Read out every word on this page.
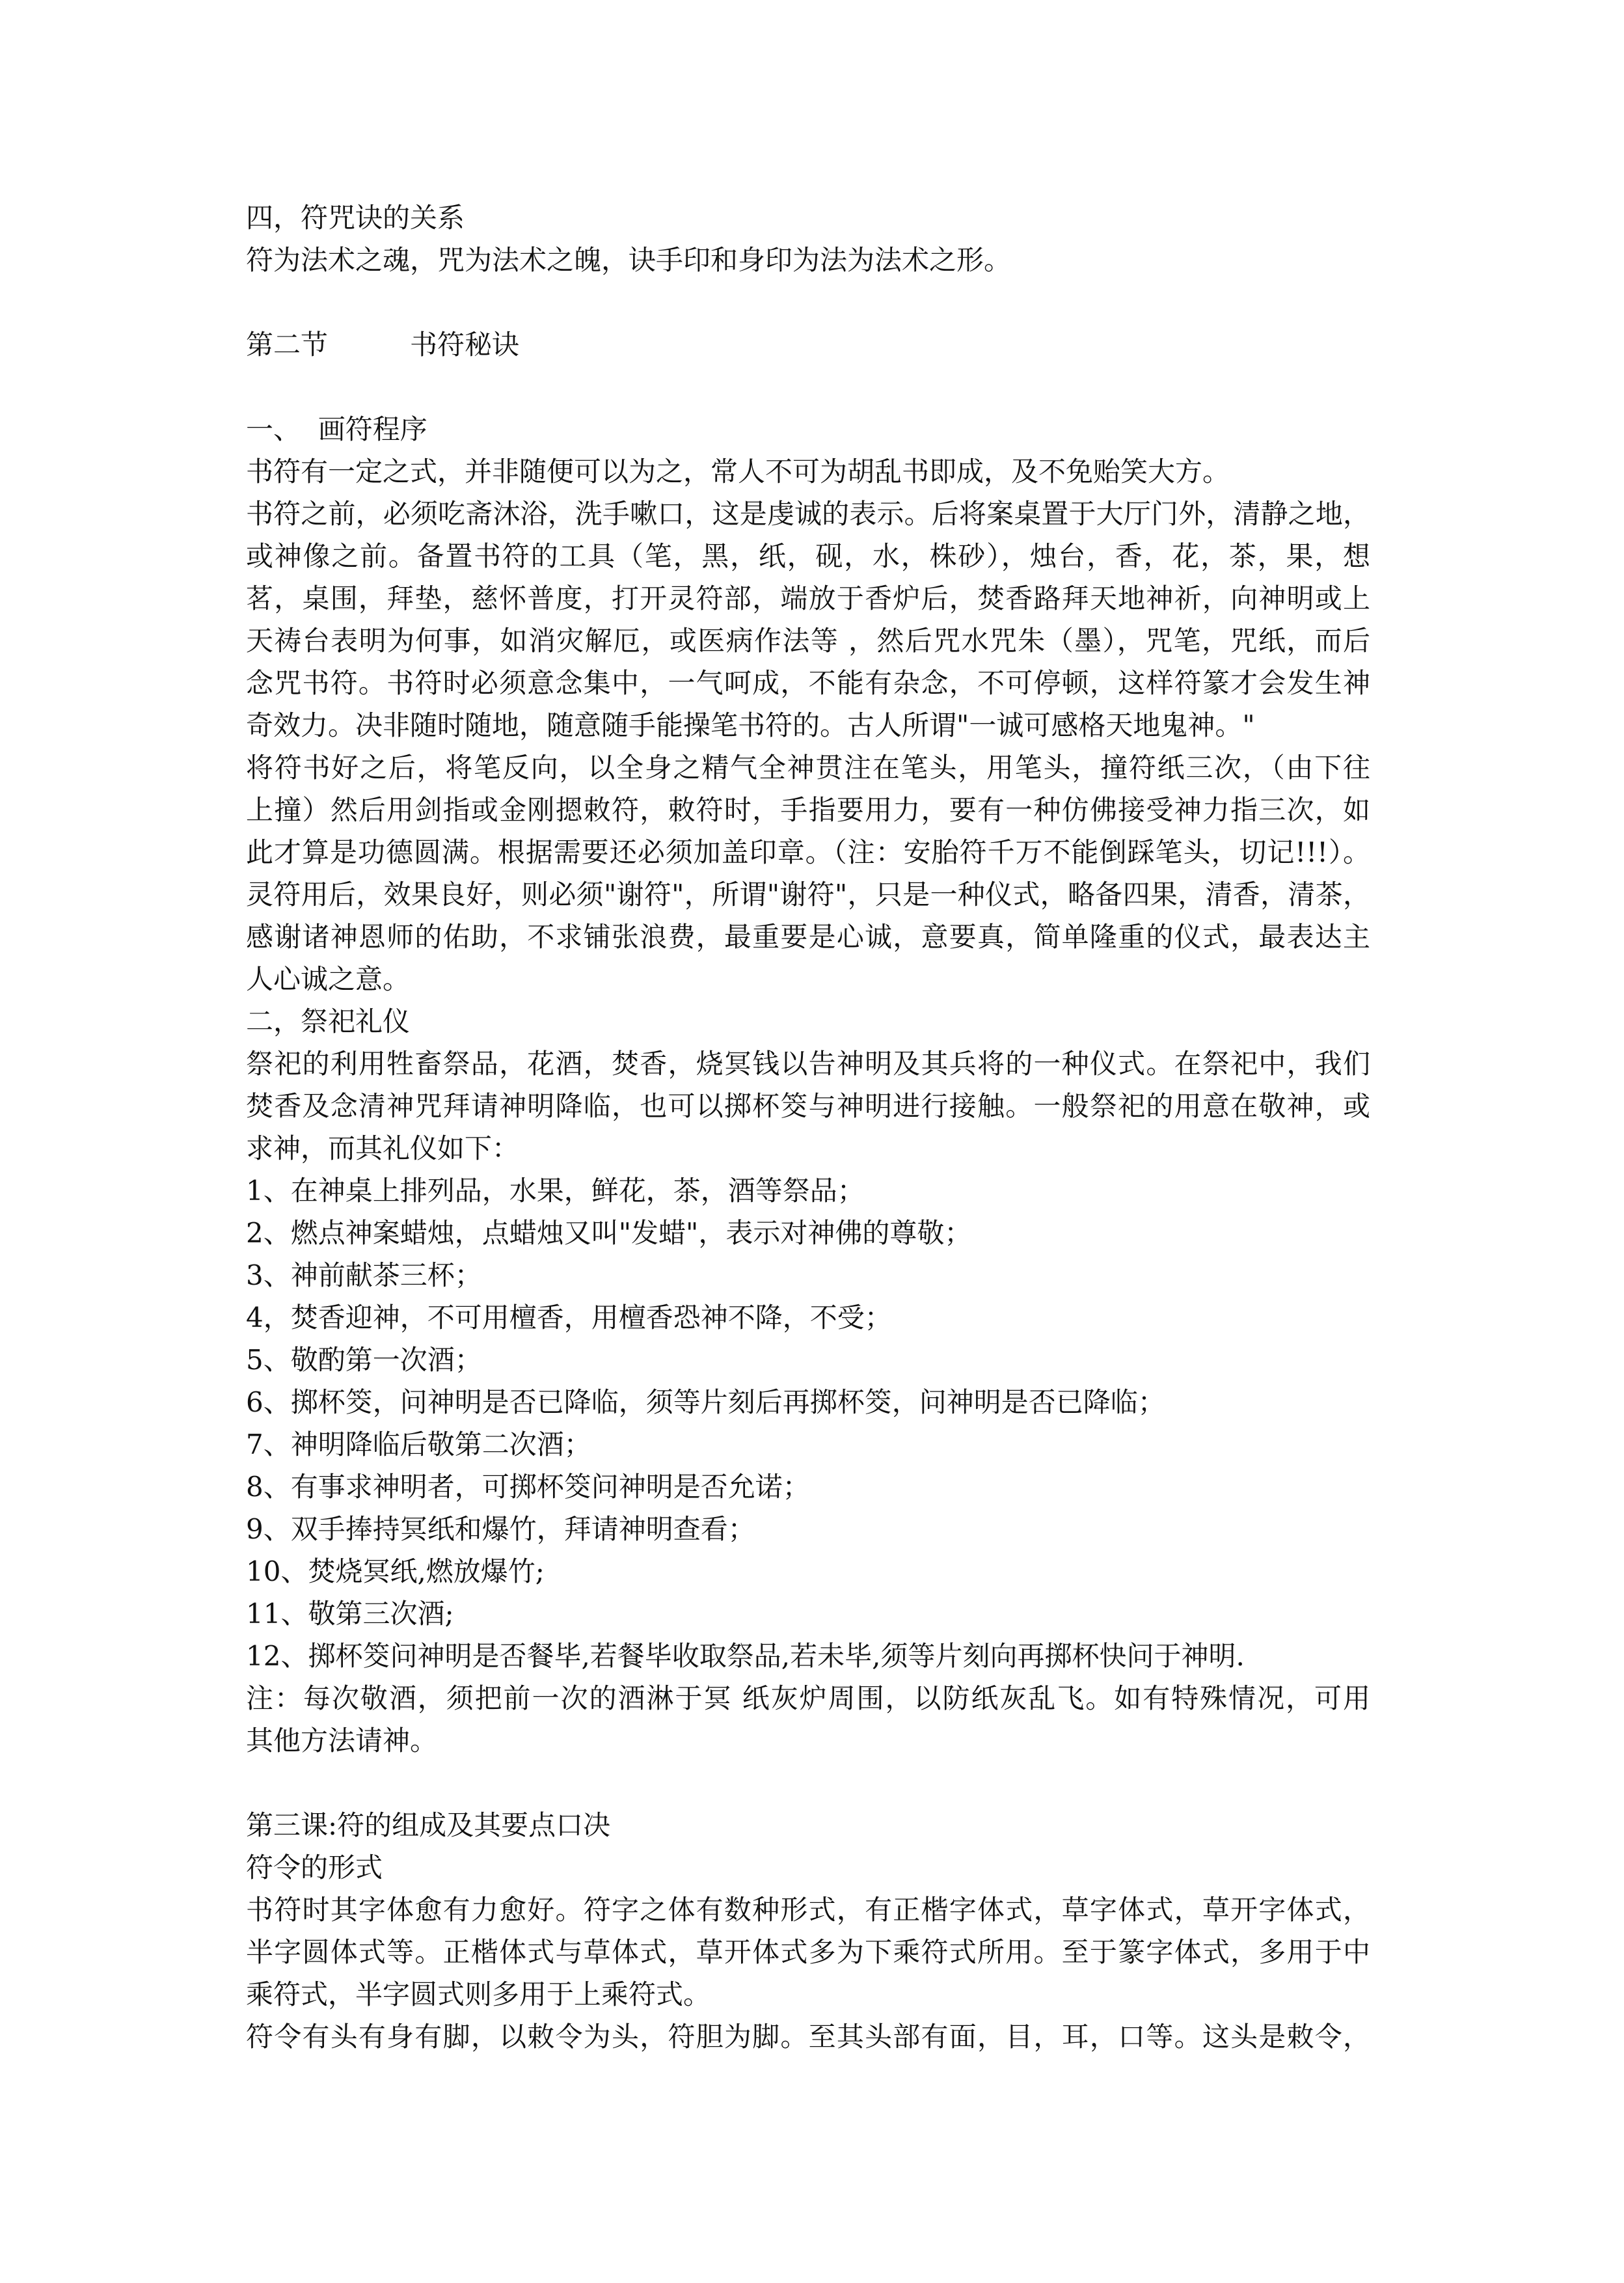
四，符咒诀的关系
符为法术之魂，咒为法术之魄，诀手印和身印为法为法术之形。
第二节	书符秘诀
一、  画符程序
书符有一定之式，并非随便可以为之，常人不可为胡乱书即成，及不免贻笑大方。
书符之前，必须吃斋沐浴，洗手嗽口，这是虔诚的表示。后将案桌置于大厅门外，清静之地，
或神像之前。备置书符的工具（笔，黑，纸，砚，水，株砂），烛台，香，花，茶，果，想
茗，桌围，拜垫，慈怀普度，打开灵符部，端放于香炉后，焚香路拜天地神祈，向神明或上
天祷台表明为何事，如消灾解厄，或医病作法等 ，然后咒水咒朱（墨），咒笔，咒纸，而后
念咒书符。书符时必须意念集中，一气呵成，不能有杂念，不可停顿，这样符篆才会发生神
奇效力。决非随时随地，随意随手能操笔书符的。古人所谓"一诚可感格天地鬼神。"
将符书好之后，将笔反向，以全身之精气全神贯注在笔头，用笔头，撞符纸三次，（由下往
上撞）然后用剑指或金刚摁敕符，敕符时，手指要用力，要有一种仿佛接受神力指三次，如
此才算是功德圆满。根据需要还必须加盖印章。（注：安胎符千万不能倒踩笔头，切记!!!）。
灵符用后，效果良好，则必须"谢符"，所谓"谢符"，只是一种仪式，略备四果，清香，清茶，
感谢诸神恩师的佑助，不求铺张浪费，最重要是心诚，意要真，简单隆重的仪式，最表达主
人心诚之意。
二，祭祀礼仪
祭祀的利用牲畜祭品，花酒，焚香，烧冥钱以告神明及其兵将的一种仪式。在祭祀中，我们
焚香及念清神咒拜请神明降临，也可以掷杯筊与神明进行接触。一般祭祀的用意在敬神，或
求神，而其礼仪如下：
1、在神桌上排列品，水果，鲜花，茶，酒等祭品；
2、燃点神案蜡烛，点蜡烛又叫"发蜡"，表示对神佛的尊敬；
3、神前献茶三杯；
4，焚香迎神，不可用檀香，用檀香恐神不降，不受；
5、敬酌第一次酒；
6、掷杯筊，问神明是否已降临，须等片刻后再掷杯筊，问神明是否已降临；
7、神明降临后敬第二次酒；
8、有事求神明者，可掷杯筊问神明是否允诺；
9、双手捧持冥纸和爆竹，拜请神明查看；
10、焚烧冥纸,燃放爆竹;
11、敬第三次酒;
12、掷杯筊问神明是否餐毕,若餐毕收取祭品,若未毕,须等片刻向再掷杯快问于神明.
注：每次敬酒，须把前一次的酒淋于冥 纸灰炉周围，以防纸灰乱飞。如有特殊情况，可用
其他方法请神。
第三课:符的组成及其要点口决
符令的形式
书符时其字体愈有力愈好。符字之体有数种形式，有正楷字体式，草字体式，草开字体式，
半字圆体式等。正楷体式与草体式，草开体式多为下乘符式所用。至于篆字体式，多用于中
乘符式，半字圆式则多用于上乘符式。
符令有头有身有脚，以敕令为头，符胆为脚。至其头部有面，目，耳，口等。这头是敕令，
